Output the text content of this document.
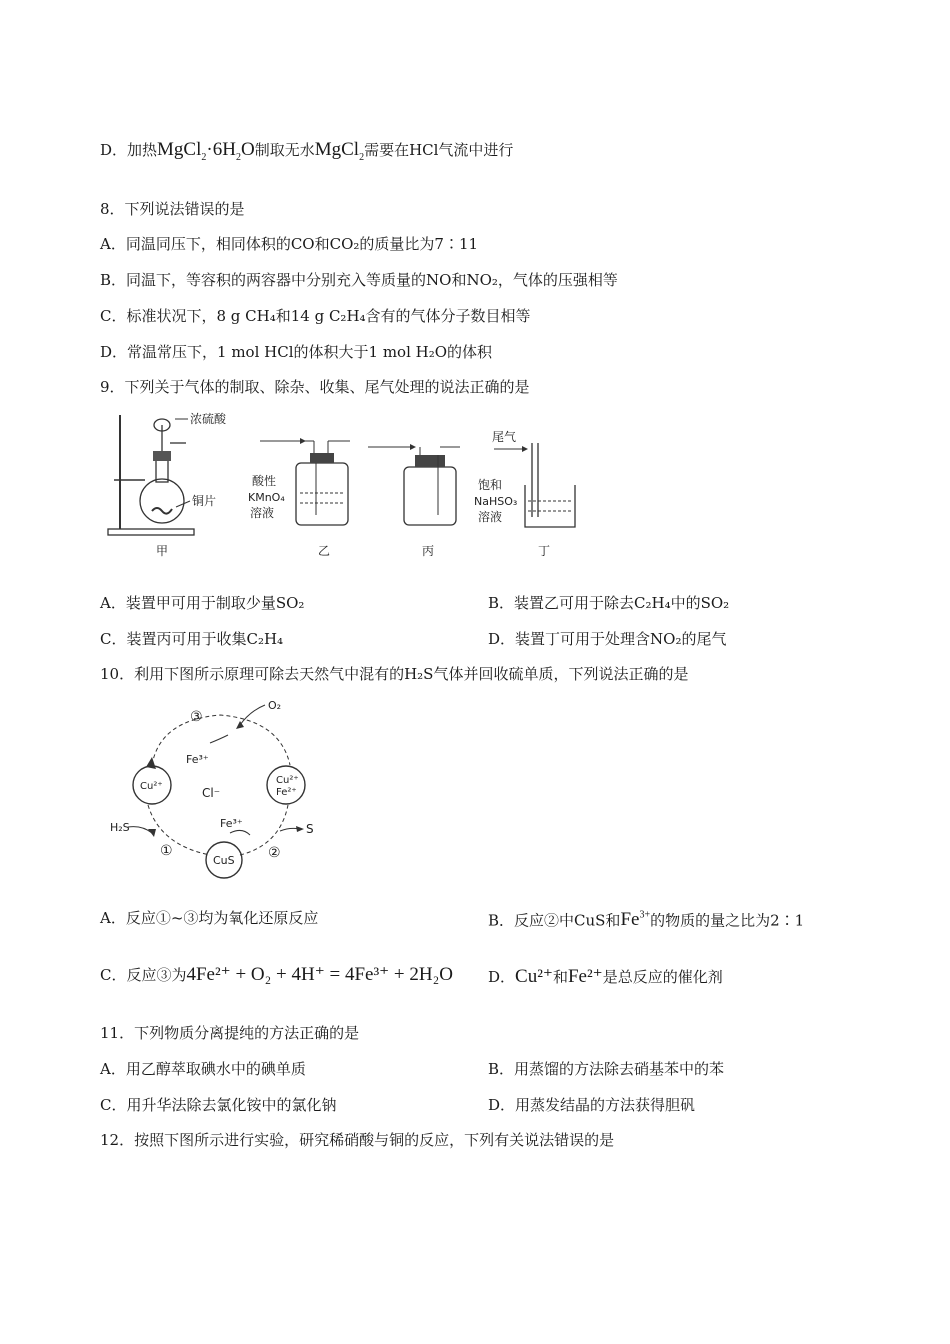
D．加热$MgCl_2\cdot 6H_2O$制取无水MgCl$_2$需要在HCl气流中进行
8．下列说法错误的是
A．同温同压下，相同体积的CO和CO₂的质量比为7∶11
B．同温下，等容积的两容器中分别充入等质量的NO和NO₂，气体的压强相等
C．标准状况下，8 g CH₄和14 g C₂H₄含有的气体分子数目相等
D．常温常压下，1 mol HCl的体积大于1 mol H₂O的体积
9．下列关于气体的制取、除杂、收集、尾气处理的说法正确的是
浓硫酸
铜片
酸性
KMnO₄
溶液
尾气
饱和
NaHSO₃
溶液
甲	乙	丙	丁
A．装置甲可用于制取少量SO₂	B．装置乙可用于除去C₂H₄中的SO₂
C．装置丙可用于收集C₂H₄	D．装置丁可用于处理含NO₂的尾气
10．利用下图所示原理可除去天然气中混有的H₂S气体并回收硫单质，下列说法正确的是
O₂
③
Fe³⁺
Cu²⁺	Cl⁻
Cu²⁺
Fe²⁺
H₂S	Fe³⁺	S
①
CuS ②
A．反应①~③均为氧化还原反应	B．反应②中CuS和$Fe^{3+}$的物质的量之比为2∶1
C．反应③为4Fe²⁺ + O₂ + 4H⁺ = 4Fe³⁺ + 2H₂O D．Cu²⁺和Fe²⁺是总反应的催化剂
11．下列物质分离提纯的方法正确的是
A．用乙醇萃取碘水中的碘单质	B．用蒸馏的方法除去硝基苯中的苯
C．用升华法除去氯化铵中的氯化钠	D．用蒸发结晶的方法获得胆矾
12．按照下图所示进行实验，研究稀硝酸与铜的反应，下列有关说法错误的是
